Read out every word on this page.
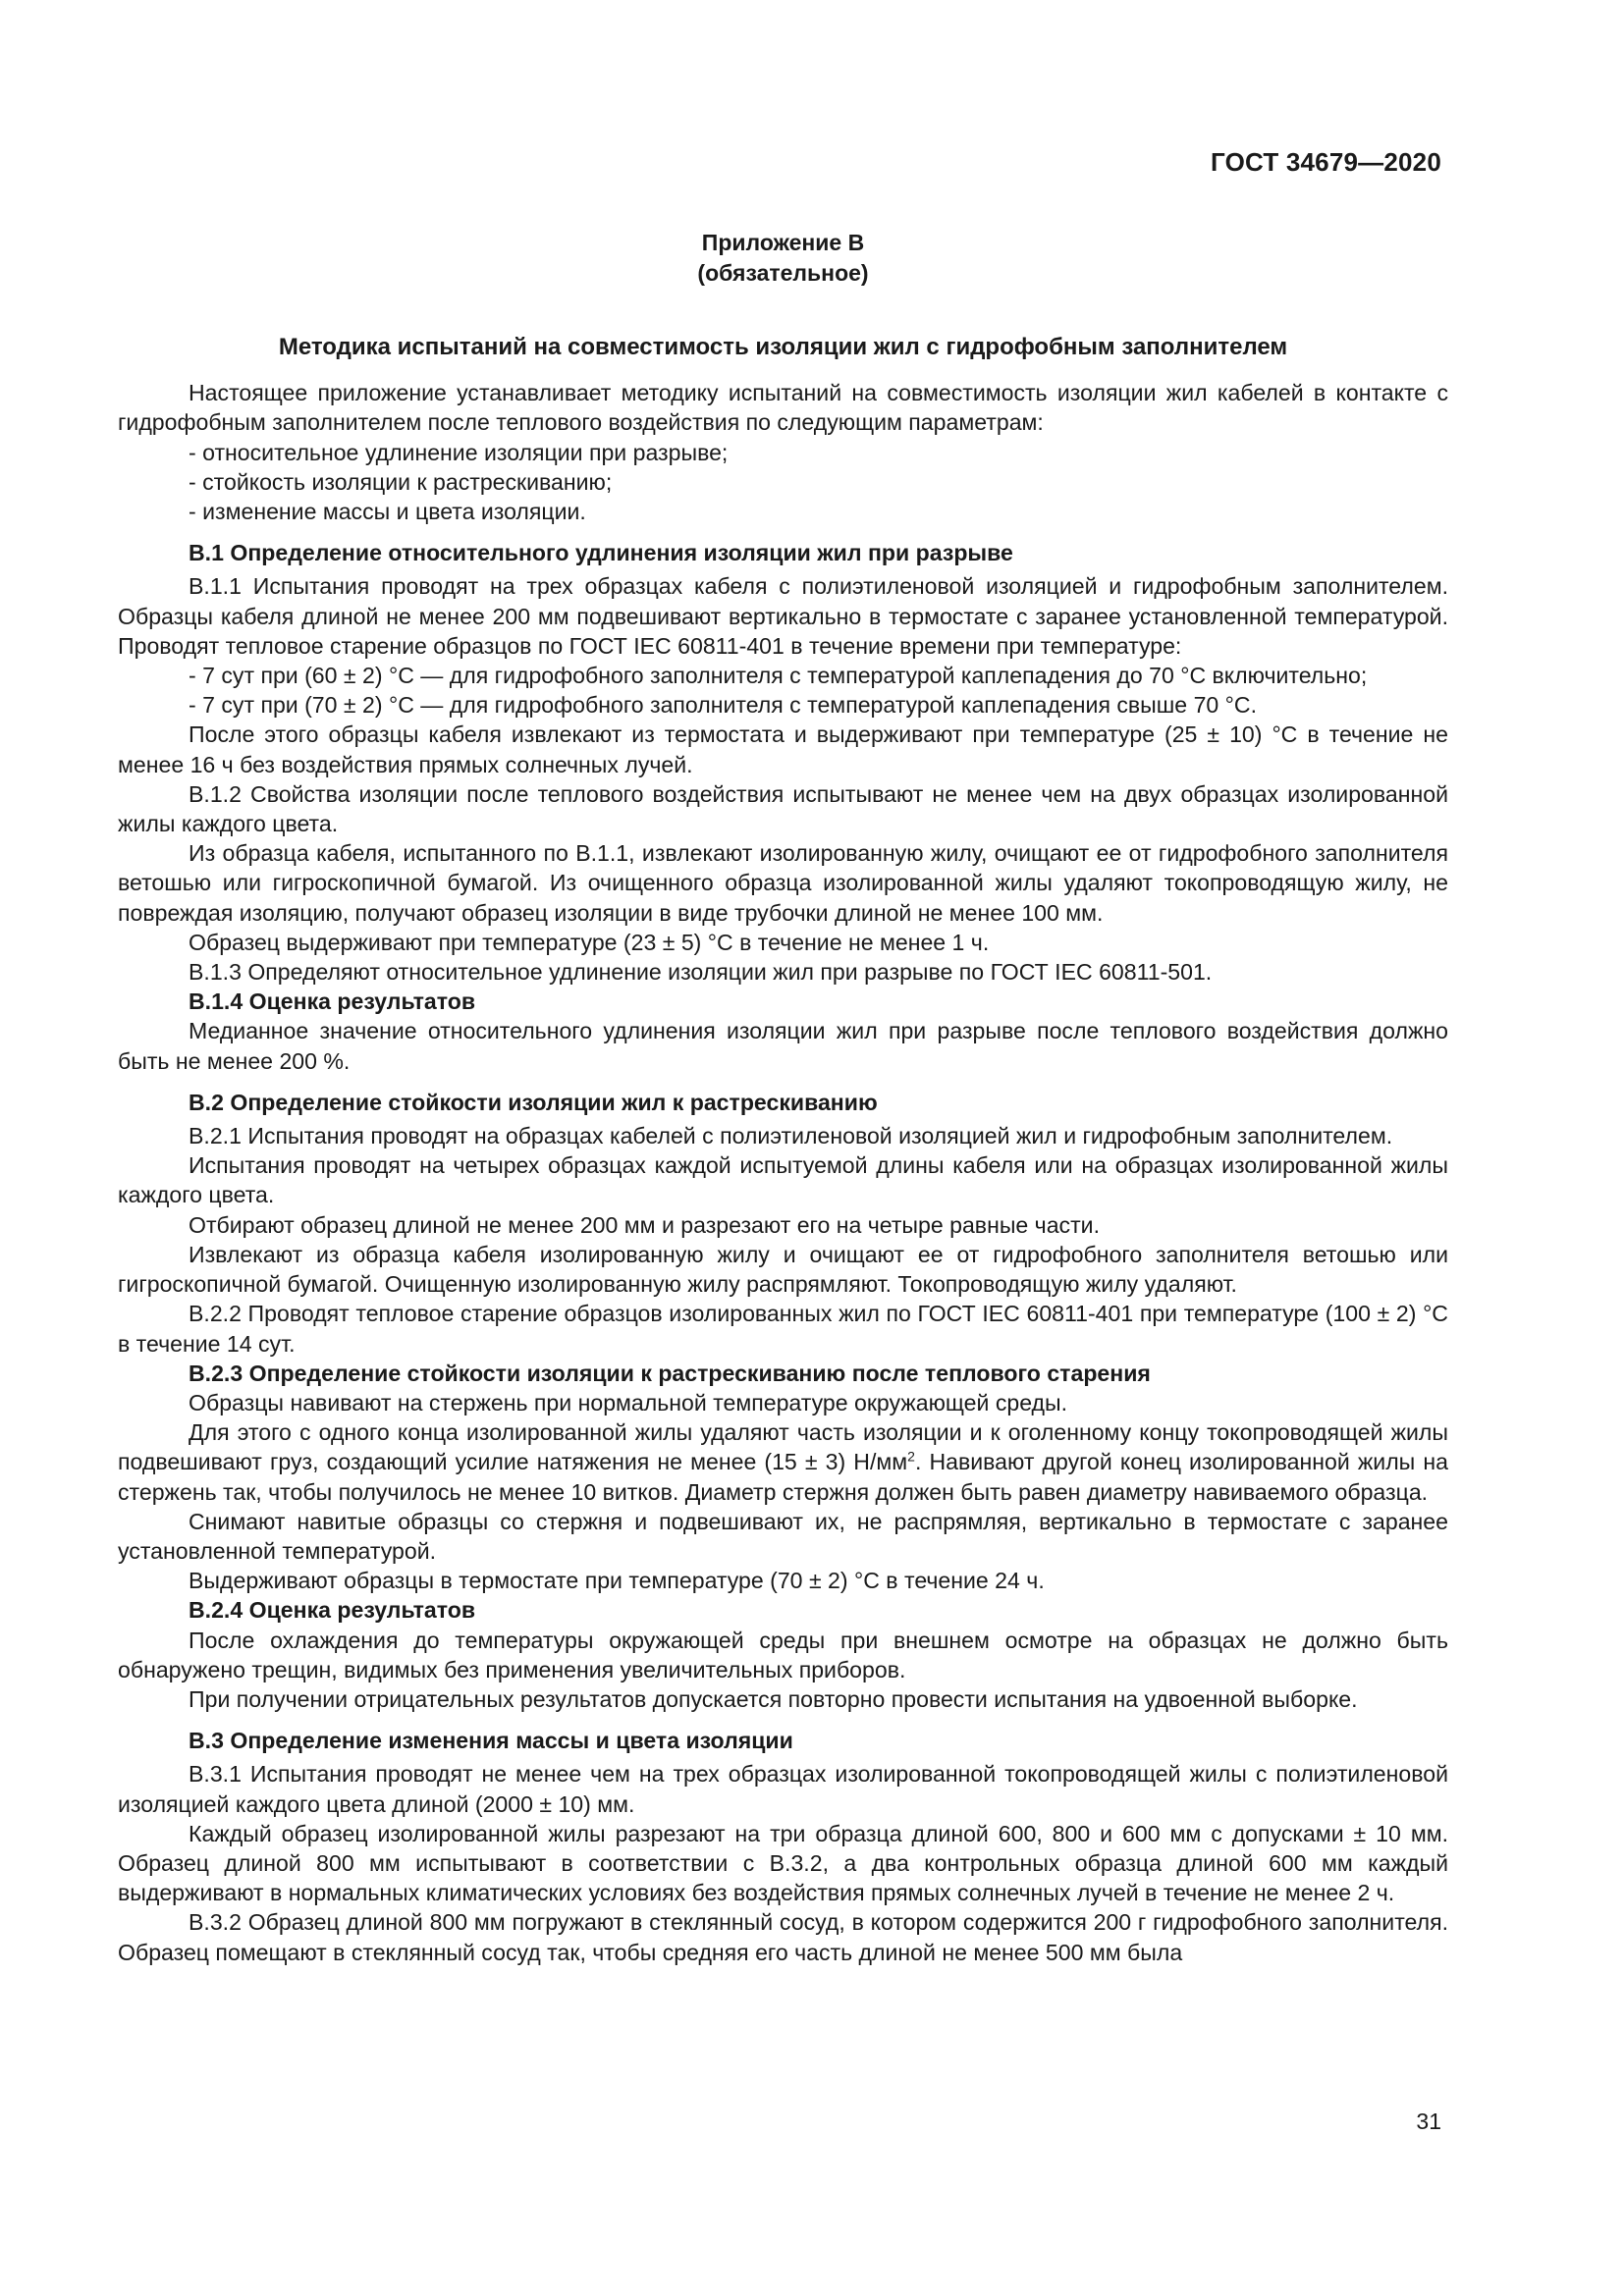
ГОСТ 34679—2020
Приложение В
(обязательное)
Методика испытаний на совместимость изоляции жил с гидрофобным заполнителем

Настоящее приложение устанавливает методику испытаний на совместимость изоляции жил кабелей в контакте с гидрофобным заполнителем после теплового воздействия по следующим параметрам:

- относительное удлинение изоляции при разрыве;

- стойкость изоляции к растрескиванию;

- изменение массы и цвета изоляции.

В.1 Определение относительного удлинения изоляции жил при разрыве

В.1.1 Испытания проводят на трех образцах кабеля с полиэтиленовой изоляцией и гидрофобным заполнителем. Образцы кабеля длиной не менее 200 мм подвешивают вертикально в термостате с заранее установленной температурой. Проводят тепловое старение образцов по ГОСТ IEC 60811-401 в течение времени при температуре:

- 7 сут при (60 ± 2) °С — для гидрофобного заполнителя с температурой каплепадения до 70 °С включительно;

- 7 сут при (70 ± 2) °С — для гидрофобного заполнителя с температурой каплепадения свыше 70 °С.

После этого образцы кабеля извлекают из термостата и выдерживают при температуре (25 ± 10) °С в течение не менее 16 ч без воздействия прямых солнечных лучей.

В.1.2 Свойства изоляции после теплового воздействия испытывают не менее чем на двух образцах изолированной жилы каждого цвета.

Из образца кабеля, испытанного по В.1.1, извлекают изолированную жилу, очищают ее от гидрофобного заполнителя ветошью или гигроскопичной бумагой. Из очищенного образца изолированной жилы удаляют токопроводящую жилу, не повреждая изоляцию, получают образец изоляции в виде трубочки длиной не менее 100 мм.

Образец выдерживают при температуре (23 ± 5) °С в течение не менее 1 ч.

В.1.3 Определяют относительное удлинение изоляции жил при разрыве по ГОСТ IEC 60811-501.

В.1.4 Оценка результатов

Медианное значение относительного удлинения изоляции жил при разрыве после теплового воздействия должно быть не менее 200 %.

В.2 Определение стойкости изоляции жил к растрескиванию

В.2.1 Испытания проводят на образцах кабелей с полиэтиленовой изоляцией жил и гидрофобным заполнителем.

Испытания проводят на четырех образцах каждой испытуемой длины кабеля или на образцах изолированной жилы каждого цвета.

Отбирают образец длиной не менее 200 мм и разрезают его на четыре равные части.

Извлекают из образца кабеля изолированную жилу и очищают ее от гидрофобного заполнителя ветошью или гигроскопичной бумагой. Очищенную изолированную жилу распрямляют. Токопроводящую жилу удаляют.

В.2.2 Проводят тепловое старение образцов изолированных жил по ГОСТ IEC 60811-401 при температуре (100 ± 2) °С в течение 14 сут.

В.2.3 Определение стойкости изоляции к растрескиванию после теплового старения

Образцы навивают на стержень при нормальной температуре окружающей среды.

Для этого с одного конца изолированной жилы удаляют часть изоляции и к оголенному концу токопроводящей жилы подвешивают груз, создающий усилие натяжения не менее (15 ± 3) $Н/мм^2$. Навивают другой конец изолированной жилы на стержень так, чтобы получилось не менее 10 витков. Диаметр стержня должен быть равен диаметру навиваемого образца.

Снимают навитые образцы со стержня и подвешивают их, не распрямляя, вертикально в термостате с заранее установленной температурой.

Выдерживают образцы в термостате при температуре (70 ± 2) °С в течение 24 ч.

В.2.4 Оценка результатов

После охлаждения до температуры окружающей среды при внешнем осмотре на образцах не должно быть обнаружено трещин, видимых без применения увеличительных приборов.

При получении отрицательных результатов допускается повторно провести испытания на удвоенной выборке.

В.3 Определение изменения массы и цвета изоляции

В.3.1 Испытания проводят не менее чем на трех образцах изолированной токопроводящей жилы с полиэтиленовой изоляцией каждого цвета длиной (2000 ± 10) мм.

Каждый образец изолированной жилы разрезают на три образца длиной 600, 800 и 600 мм с допусками ± 10 мм. Образец длиной 800 мм испытывают в соответствии с В.3.2, а два контрольных образца длиной 600 мм каждый выдерживают в нормальных климатических условиях без воздействия прямых солнечных лучей в течение не менее 2 ч.

В.3.2 Образец длиной 800 мм погружают в стеклянный сосуд, в котором содержится 200 г гидрофобного заполнителя. Образец помещают в стеклянный сосуд так, чтобы средняя его часть длиной не менее 500 мм была

31
